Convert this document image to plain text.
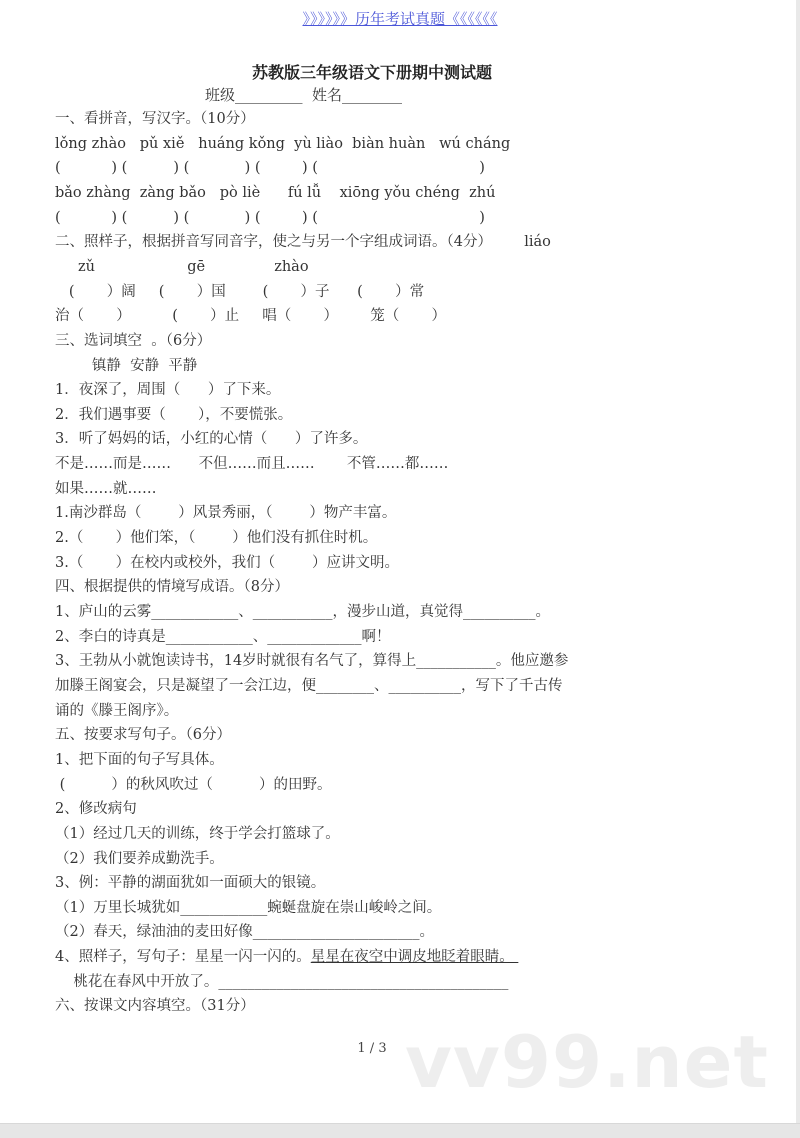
》》》》》》历年考试真题《《《《《《
苏教版三年级语文下册期中测试题
班级_________  姓名________
一、看拼音，写汉字。（10分）
lǒng zhào   pǔ xiě   huáng kǒng  yù liào  biàn huàn   wú cháng
(           ) (          ) (            ) (         ) (                                   )
bǎo zhàng  zàng bǎo   pò liè      fú lǚ    xiōng yǒu chéng  zhú
(           ) (          ) (            ) (         ) (                                   )
二、照样子，根据拼音写同音字，使之与另一个字组成词语。（4分）       liáo
zǔ                    gē               zhào
(       ）阔     (       ）国        (       ）子      (       ）常
治（       ）         (       ）止     唱（       ）       笼（       ）
三、选词填空  。（6分）
镇静  安静  平静
1．夜深了，周围（      ）了下来。
2．我们遇事要（       ），不要慌张。
3．听了妈妈的话，小红的心情（      ）了许多。
不是……而是……      不但……而且……       不管……都……
如果……就……
1.南沙群岛（        ）风景秀丽，（        ）物产丰富。
2.（       ）他们笨，（        ）他们没有抓住时机。
3.（       ）在校内或校外，我们（        ）应讲文明。
四、根据提供的情境写成语。（8分）
1、庐山的云雾____________、___________，漫步山道，真觉得__________。
2、李白的诗真是____________、_____________啊！
3、王勃从小就饱读诗书，14岁时就很有名气了，算得上___________。他应邀参
加滕王阁宴会，只是凝望了一会江边，便________、__________，写下了千古传
诵的《滕王阁序》。
五、按要求写句子。（6分）
1、把下面的句子写具体。
(          ）的秋风吹过（          ）的田野。
2、修改病句
（1）经过几天的训练，终于学会打篮球了。
（2）我们要养成勤洗手。
3、例：平静的湖面犹如一面硕大的银镜。
（1）万里长城犹如____________蜿蜒盘旋在崇山峻岭之间。
（2）春天，绿油油的麦田好像_______________________。
4、照样子，写句子：星星一闪一闪的。星星在夜空中调皮地眨着眼睛。
桃花在春风中开放了。________________________________________
六、按课文内容填空。（31分）
vv99.net
1 / 3
